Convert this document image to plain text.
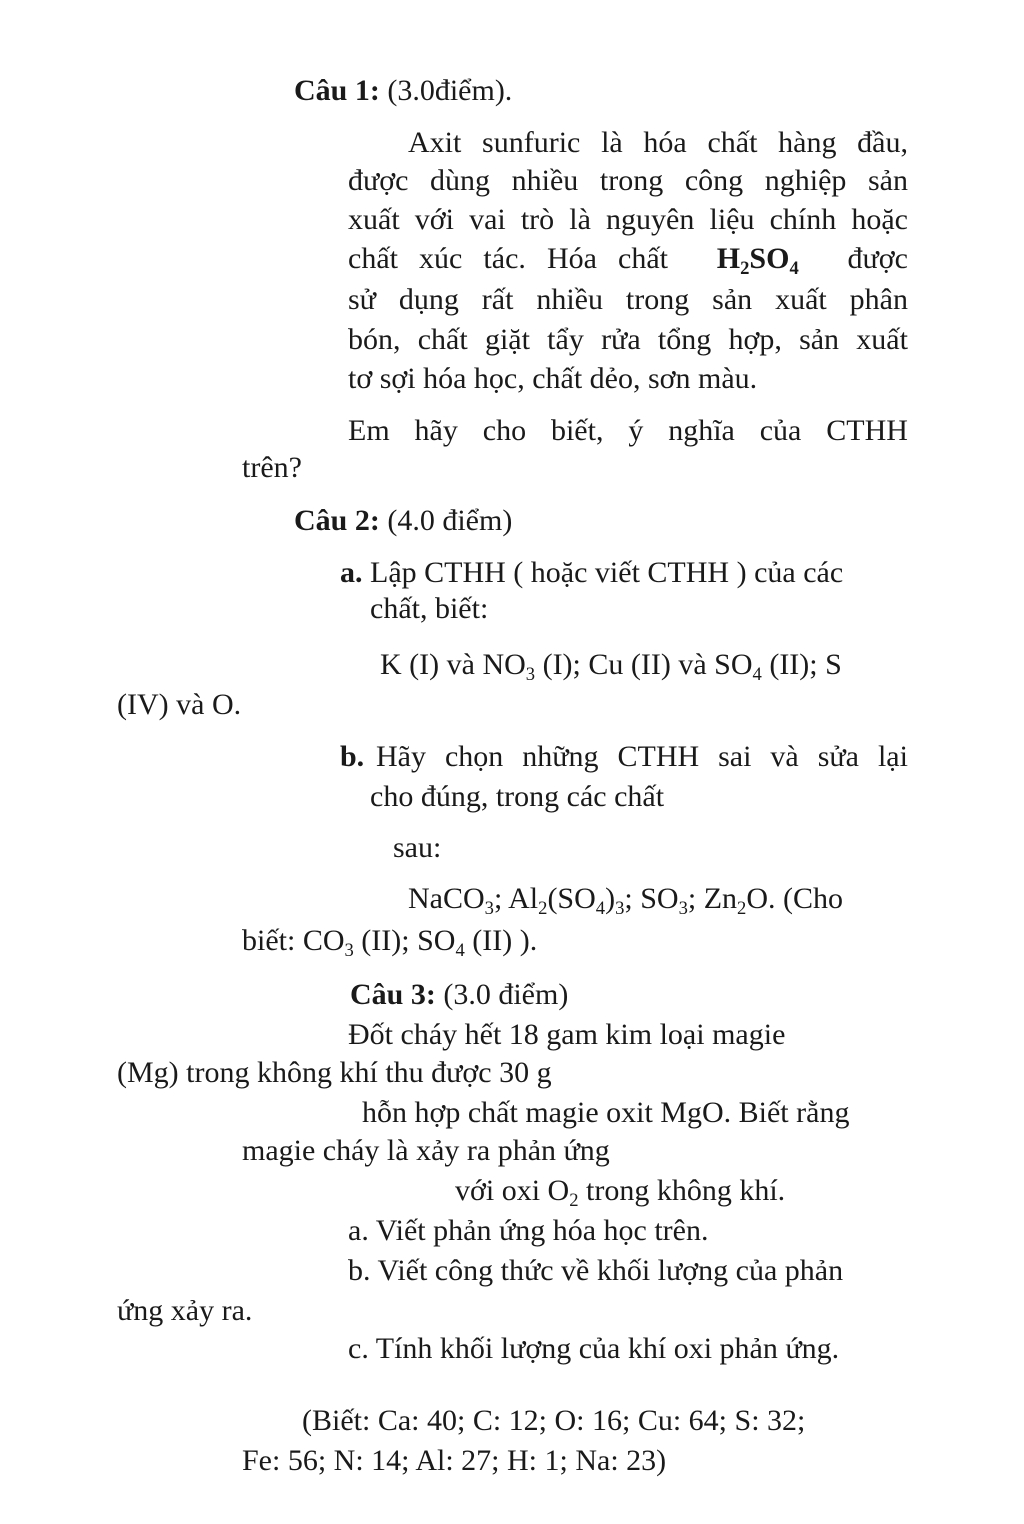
Câu 1: (3.0điểm).
Axit sunfuric là hóa chất hàng đầu,
được dùng nhiều trong công nghiệp sản
xuất với vai trò là nguyên liệu chính hoặc
sử dụng rất nhiều trong sản xuất phân
bón, chất giặt tẩy rửa tổng hợp, sản xuất
chất xúc tác. Hóa chất $H_2SO_4$ được
tơ sợi hóa học, chất dẻo, sơn màu.
Em hãy cho biết, ý nghĩa của CTHH
trên?
Câu 2: (4.0 điểm)
a. Lập CTHH ( hoặc viết CTHH ) của các
chất, biết:
K (I) và $NO_3$ (I); Cu (II) và $SO_4$ (II); S
(IV) và O.
b. Hãy chọn những CTHH sai và sửa lại
cho đúng, trong các chất
sau:
NaCO$_3$; $Al_2(SO_4)_3$; $SO_3$; $Zn_2O$. (Cho
biết: $CO_3$ (II); $SO_4$ (II) ).
Câu 3: (3.0 điểm)
Đốt cháy hết 18 gam kim loại magie
(Mg) trong không khí thu được 30 g
hỗn hợp chất magie oxit MgO. Biết rằng
magie cháy là xảy ra phản ứng
với oxi $O_2$ trong không khí.
a. Viết phản ứng hóa học trên.
b. Viết công thức về khối lượng của phản
ứng xảy ra.
c. Tính khối lượng của khí oxi phản ứng.
(Biết: Ca: 40; C: 12; O: 16; Cu: 64; S: 32;
Fe: 56; N: 14; Al: 27; H: 1; Na: 23)
